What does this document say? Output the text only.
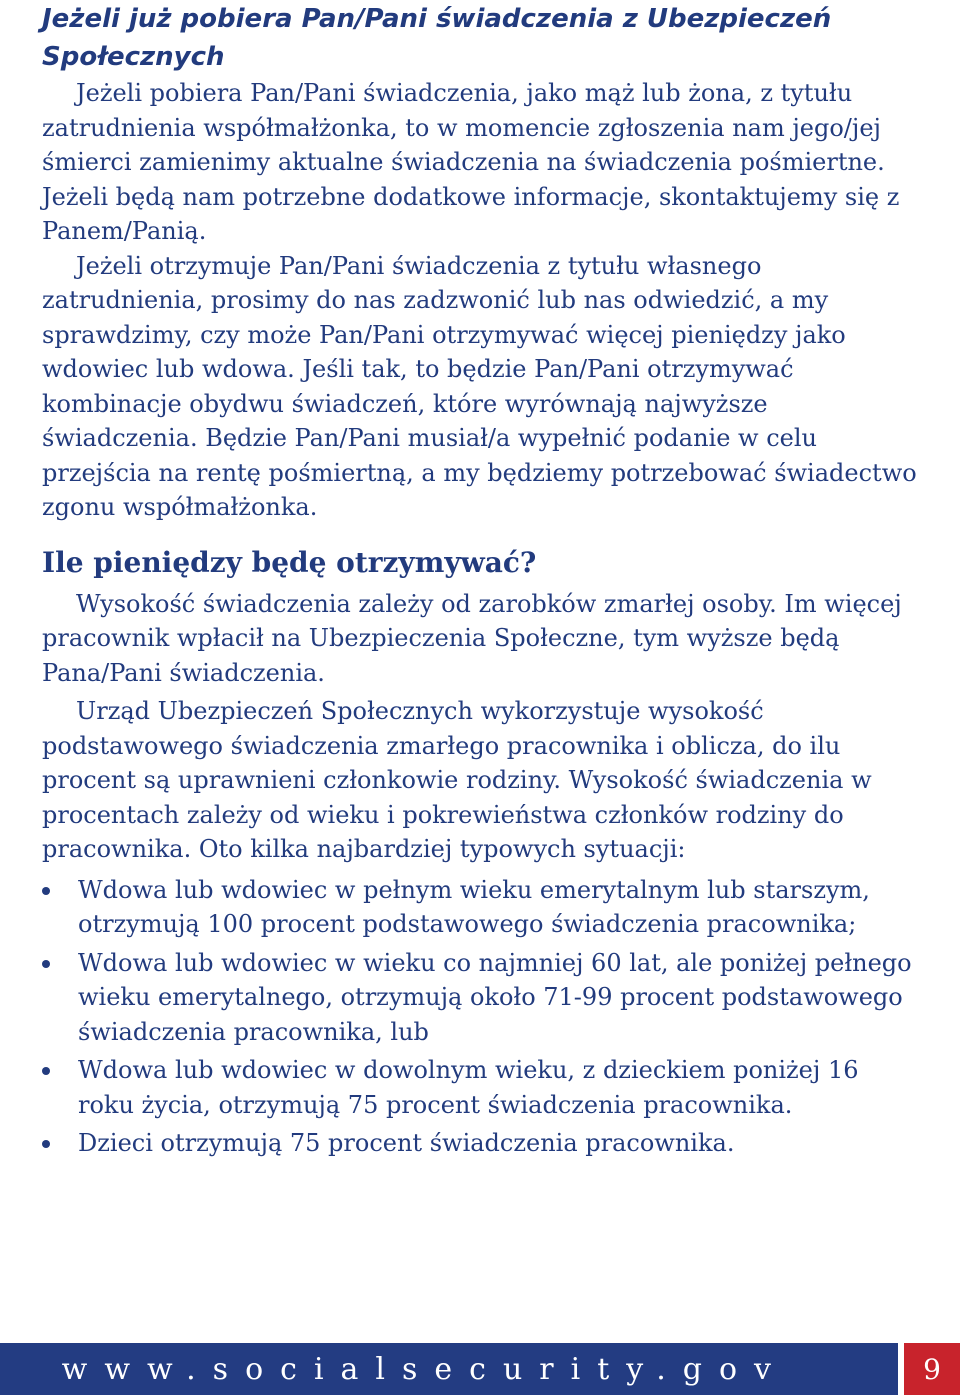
Jeżeli już pobiera Pan/Pani świadczenia z Ubezpieczeń Społecznych

Jeżeli pobiera Pan/Pani świadczenia, jako mąż lub żona, z tytułu zatrudnienia współmałżonka, to w momencie zgłoszenia nam jego/jej śmierci zamienimy aktualne świadczenia na świadczenia pośmiertne. Jeżeli będą nam potrzebne dodatkowe informacje, skontaktujemy się z Panem/Panią.

Jeżeli otrzymuje Pan/Pani świadczenia z tytułu własnego zatrudnienia, prosimy do nas zadzwonić lub nas odwiedzić, a my sprawdzimy, czy może Pan/Pani otrzymywać więcej pieniędzy jako wdowiec lub wdowa. Jeśli tak, to będzie Pan/Pani otrzymywać kombinacje obydwu świadczeń, które wyrównają najwyższe świadczenia. Będzie Pan/Pani musiał/a wypełnić podanie w celu przejścia na rentę pośmiertną, a my będziemy potrzebować świadectwo zgonu współmałżonka.

Ile pieniędzy będę otrzymywać?

Wysokość świadczenia zależy od zarobków zmarłej osoby. Im więcej pracownik wpłacił na Ubezpieczenia Społeczne, tym wyższe będą Pana/Pani świadczenia.

Urząd Ubezpieczeń Społecznych wykorzystuje wysokość podstawowego świadczenia zmarłego pracownika i oblicza, do ilu procent są uprawnieni członkowie rodziny. Wysokość świadczenia w procentach zależy od wieku i pokrewieństwa członków rodziny do pracownika. Oto kilka najbardziej typowych sytuacji:

Wdowa lub wdowiec w pełnym wieku emerytalnym lub starszym, otrzymują 100 procent podstawowego świadczenia pracownika;
Wdowa lub wdowiec w wieku co najmniej 60 lat, ale poniżej pełnego wieku emerytalnego, otrzymują około 71-99 procent podstawowego świadczenia pracownika, lub
Wdowa lub wdowiec w dowolnym wieku, z dzieckiem poniżej 16 roku życia, otrzymują 75 procent świadczenia pracownika.
Dzieci otrzymują 75 procent świadczenia pracownika.
www.socialsecurity.gov	9
